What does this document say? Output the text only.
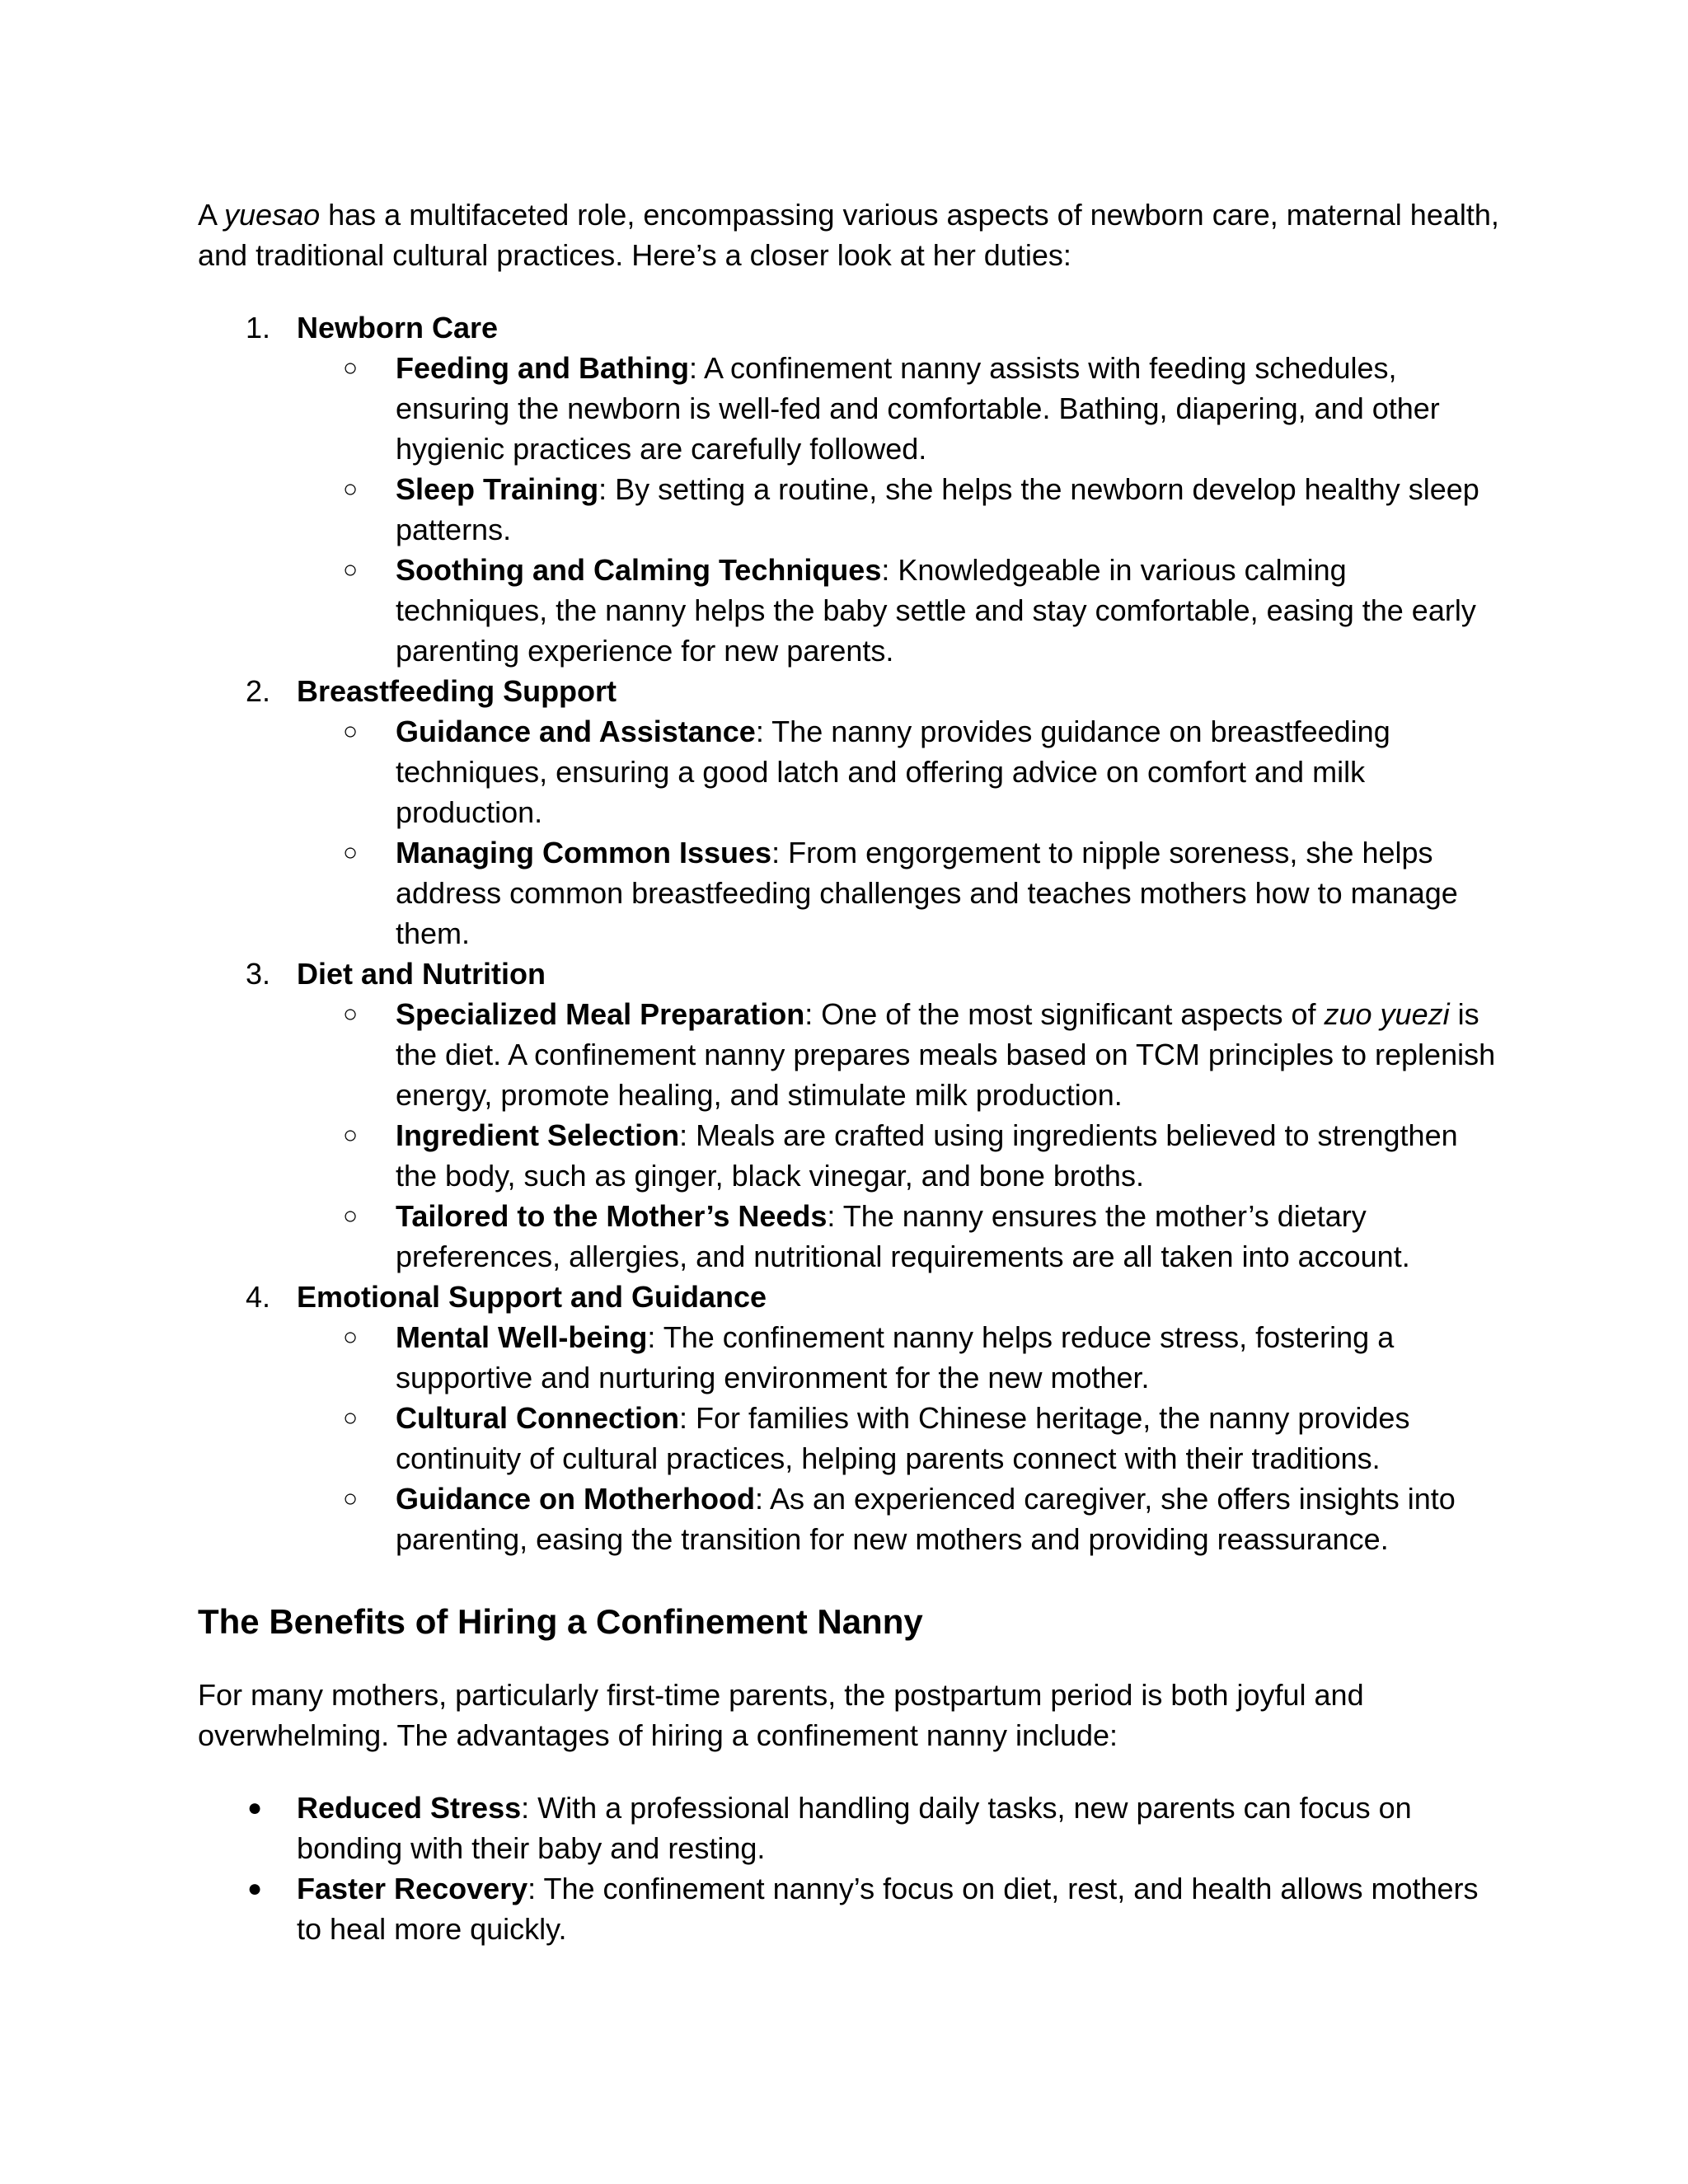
A yuesao has a multifaceted role, encompassing various aspects of newborn care, maternal health, and traditional cultural practices. Here’s a closer look at her duties:

1. Newborn Care
○ Feeding and Bathing: A confinement nanny assists with feeding schedules, ensuring the newborn is well-fed and comfortable. Bathing, diapering, and other hygienic practices are carefully followed.
○ Sleep Training: By setting a routine, she helps the newborn develop healthy sleep patterns.
○ Soothing and Calming Techniques: Knowledgeable in various calming techniques, the nanny helps the baby settle and stay comfortable, easing the early parenting experience for new parents.
2. Breastfeeding Support
○ Guidance and Assistance: The nanny provides guidance on breastfeeding techniques, ensuring a good latch and offering advice on comfort and milk production.
○ Managing Common Issues: From engorgement to nipple soreness, she helps address common breastfeeding challenges and teaches mothers how to manage them.
3. Diet and Nutrition
○ Specialized Meal Preparation: One of the most significant aspects of zuo yuezi is the diet. A confinement nanny prepares meals based on TCM principles to replenish energy, promote healing, and stimulate milk production.
○ Ingredient Selection: Meals are crafted using ingredients believed to strengthen the body, such as ginger, black vinegar, and bone broths.
○ Tailored to the Mother’s Needs: The nanny ensures the mother’s dietary preferences, allergies, and nutritional requirements are all taken into account.
4. Emotional Support and Guidance
○ Mental Well-being: The confinement nanny helps reduce stress, fostering a supportive and nurturing environment for the new mother.
○ Cultural Connection: For families with Chinese heritage, the nanny provides continuity of cultural practices, helping parents connect with their traditions.
○ Guidance on Motherhood: As an experienced caregiver, she offers insights into parenting, easing the transition for new mothers and providing reassurance.
The Benefits of Hiring a Confinement Nanny

For many mothers, particularly first-time parents, the postpartum period is both joyful and overwhelming. The advantages of hiring a confinement nanny include:

● Reduced Stress: With a professional handling daily tasks, new parents can focus on bonding with their baby and resting.
● Faster Recovery: The confinement nanny’s focus on diet, rest, and health allows mothers to heal more quickly.
